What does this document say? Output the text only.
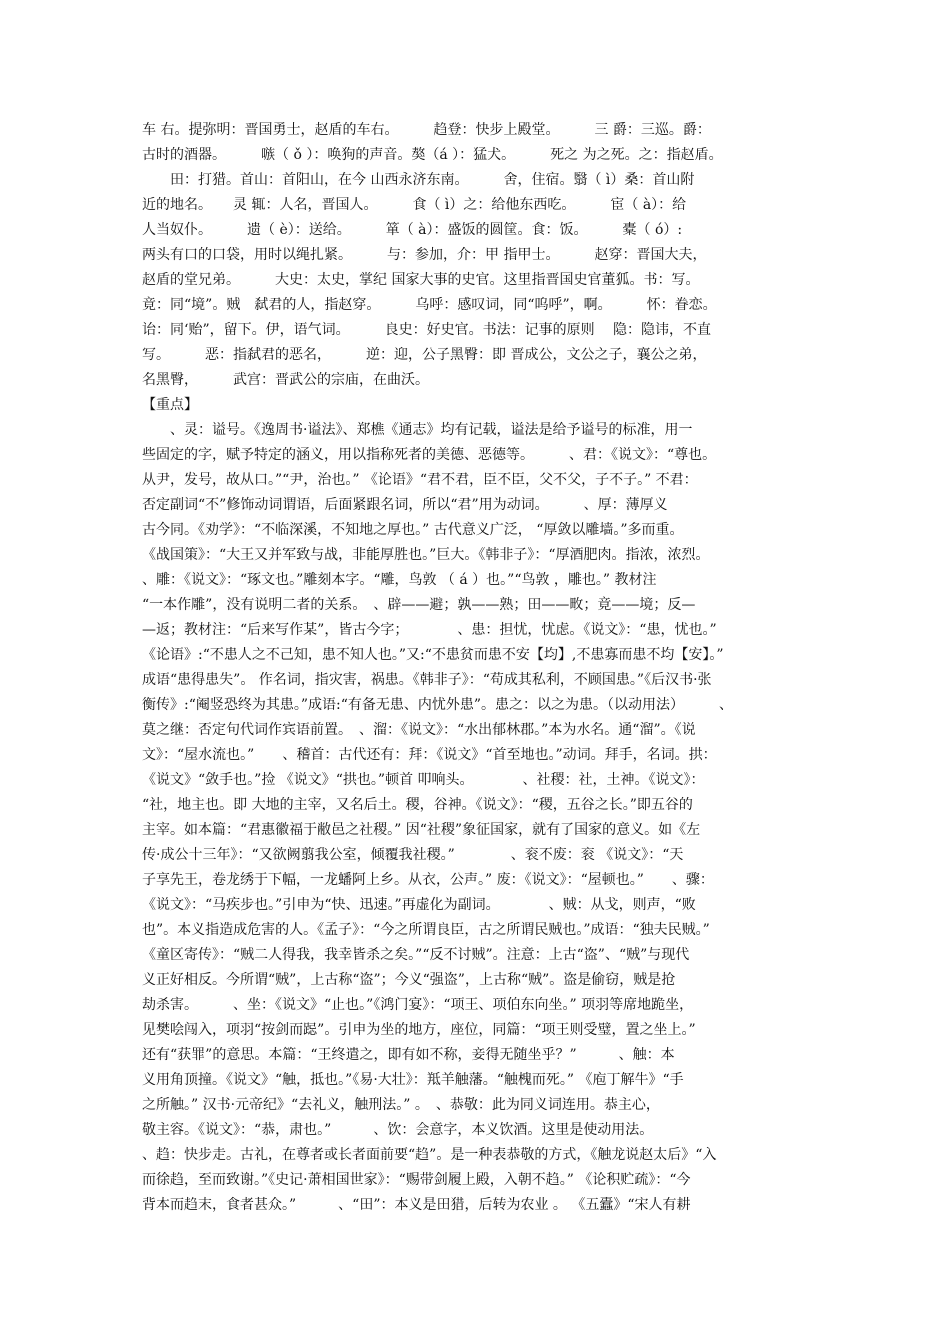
车 右。提弥明：晋国勇士，赵盾的车右。　　　趋登：快步上殿堂。　　　三 爵：三巡。爵：
古时的酒器。　　　嗾（ ǒ ）：唤狗的声音。獒（á ）：猛犬。　　　死之 为之死。之：指赵盾。
　　田：打猎。首山：首阳山，在今 山西永济东南。　　　舍，住宿。翳（ ì）桑：首山附
近的地名。　　灵 辄：人名，晋国人。　　　食（ ì）之：给他东西吃。　　　宦（ à）：给
人当奴仆。　　　遗（ è）：送给。　　　箪（ à）：盛饭的圆筐。食：饭。　　　橐（ ó）:
两头有口的口袋，用时以绳扎紧。　　　与：参加，介：甲 指甲士。　　　赵穿：晋国大夫，
赵盾的堂兄弟。　　　大史：太史，掌纪 国家大事的史官。这里指晋国史官董狐。书：写。
竟：同“境”。贼　弑君的人，指赵穿。　　　乌呼：感叹词，同“呜呼”，啊。　　　怀：眷恋。
诒：同‘贻”，留下。伊，语气词。　　　良史：好史官。书法：记事的原则　 隐：隐讳，不直
写。　　　恶：指弑君的恶名，　　　逆：迎，公子黑臀：即 晋成公，文公之子，襄公之弟，
名黑臀，　　　武宫：晋武公的宗庙，在曲沃。
【重点】
　　、灵：谥号。《逸周书·谥法》、郑樵《通志》均有记载，谥法是给予谥号的标准，用一
些固定的字，赋予特定的涵义，用以指称死者的美德、恶德等。　　　、君：《说文》：“尊也。
从尹，发号，故从口。”“尹，治也。” 《论语》“君不君，臣不臣，父不父，子不子。” 不君：
否定副词“不”修饰动词谓语，后面紧跟名词，所以“君”用为动词。　　　、厚：薄厚义
古今同。《劝学》：“不临深溪，不知地之厚也。” 古代意义广泛， “厚敛以雕墙。”多而重。
《战国策》：“大王又并军致与战，非能厚胜也。”巨大。《韩非子》：“厚酒肥肉。指浓，浓烈。
、雕：《说文》：“琢文也。”雕刻本字。“雕，鸟敦 （ á ）也。”“鸟敦 ，雕也。” 教材注
“一本作雕”，没有说明二者的关系。　、辟——避；孰——熟；田——畋；竟——境；反—
—返；教材注：“后来写作某”，皆古今字；　　　　、患：担忧，忧虑。《说文》：“患，忧也。”
《论语》:“不患人之不己知，患不知人也。”又:“不患贫而患不安【均】,不患寡而患不均【安】。”
成语“患得患失”。 作名词，指灾害，祸患。《韩非子》：“苟成其私利，不顾国患。”《后汉书·张
衡传》:“阉竖恐终为其患。”成语:“有备无患、内忧外患”。患之：以之为患。（以动用法）　　　、
莫之继：否定句代词作宾语前置。　、溜：《说文》：“水出郁林郡。”本为水名。通“溜”。《说
文》：“屋水流也。”　　、稽首：古代还有：拜：《说文》“首至地也。”动词。拜手，名词。拱：
《说文》“敛手也。”捡 《说文》“拱也。”顿首 叩响头。　　　　、社稷：社，土神。《说文》：
“社，地主也。即 大地的主宰，又名后土。稷，谷神。《说文》：“稷，五谷之长。”即五谷的
主宰。如本篇：“君惠徽福于敝邑之社稷。” 因“社稷”象征国家，就有了国家的意义。如《左
传·成公十三年》：“又欲阙翦我公室，倾覆我社稷。”　　　　、衮不废：衮 《说文》：“天
子享先王，卷龙绣于下幅，一龙蟠阿上乡。从衣，公声。” 废：《说文》：“屋顿也。”　　、骤：
《说文》：“马疾步也。”引申为“快、迅速。”再虚化为副词。　　　　、贼：从戈，则声，“败
也”。本义指造成危害的人。《孟子》：“今之所谓良臣，古之所谓民贼也。”成语：“独夫民贼。”
《童区寄传》：“贼二人得我，我幸皆杀之矣。”“反不讨贼”。注意：上古“盗”、“贼”与现代
义正好相反。今所谓“贼”，上古称“盗”；今义“强盗”，上古称“贼”。盗是偷窃，贼是抢
劫杀害。　　　、坐：《说文》“止也。”《鸿门宴》：“项王、项伯东向坐。” 项羽等席地跪坐，
见樊哙闯入，项羽“按剑而跽”。引申为坐的地方，座位，同篇：“项王则受璧，置之坐上。”
还有“获罪”的意思。本篇：“王终遣之，即有如不称，妾得无随坐乎？”　　　、触：本
义用角顶撞。《说文》“触，抵也。”《易·大壮》：羝羊触藩。“触槐而死。” 《庖丁解牛》“手
之所触。” 汉书·元帝纪》“去礼义，触刑法。” 。　、恭敬：此为同义词连用。恭主心，
敬主容。《说文》：“恭，肃也。”　　　、饮：会意字，本义饮酒。这里是使动用法。　　　
、趋：快步走。古礼，在尊者或长者面前要“趋”。是一种表恭敬的方式，《触龙说赵太后》“入
而徐趋，至而致谢。”《史记·萧相国世家》：“赐带剑履上殿，入朝不趋。” 《论积贮疏》：“今
背本而趋末，食者甚众。”　　　、“田”：本义是田猎，后转为农业 。 《五蠹》“宋人有耕
